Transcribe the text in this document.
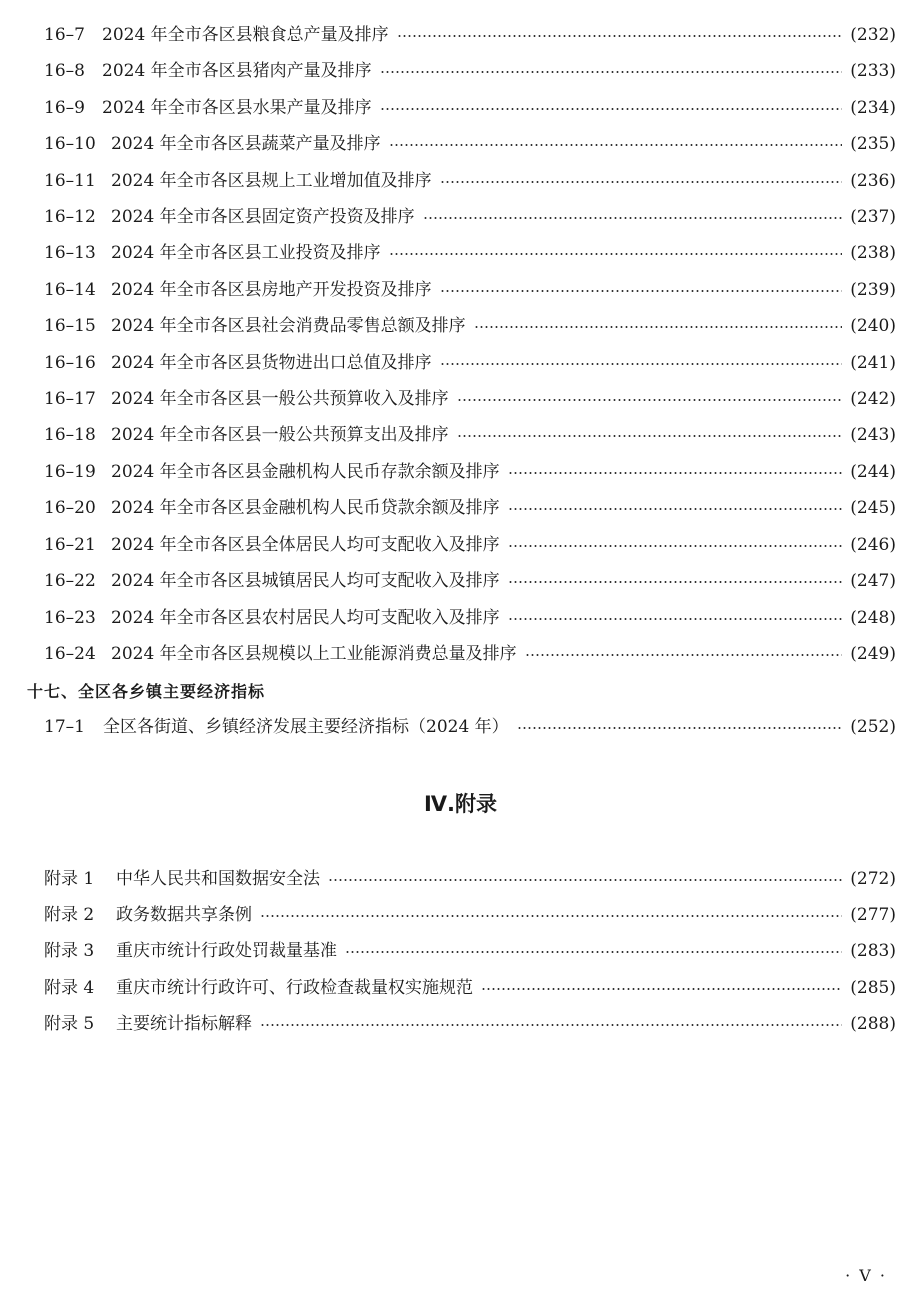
16–7	2024 年全市各区县粮食总产量及排序	(232)
16–8	2024 年全市各区县猪肉产量及排序	(233)
16–9	2024 年全市各区县水果产量及排序	(234)
16–10 2024 年全市各区县蔬菜产量及排序	(235)
16–11 2024 年全市各区县规上工业增加值及排序	(236)
16–12 2024 年全市各区县固定资产投资及排序	(237)
16–13 2024 年全市各区县工业投资及排序	(238)
16–14 2024 年全市各区县房地产开发投资及排序	(239)
16–15 2024 年全市各区县社会消费品零售总额及排序	(240)
16–16 2024 年全市各区县货物进出口总值及排序	(241)
16–17 2024 年全市各区县一般公共预算收入及排序	(242)
16–18 2024 年全市各区县一般公共预算支出及排序	(243)
16–19 2024 年全市各区县金融机构人民币存款余额及排序	(244)
16–20 2024 年全市各区县金融机构人民币贷款余额及排序	(245)
16–21 2024 年全市各区县全体居民人均可支配收入及排序	(246)
16–22 2024 年全市各区县城镇居民人均可支配收入及排序	(247)
16–23 2024 年全市各区县农村居民人均可支配收入及排序	(248)
16–24 2024 年全市各区县规模以上工业能源消费总量及排序	(249)
十七、全区各乡镇主要经济指标
17–1	全区各街道、乡镇经济发展主要经济指标（2024 年）	(252)
Ⅳ.附录
附录 1	中华人民共和国数据安全法	(272)
附录 2	政务数据共享条例	(277)
附录 3	重庆市统计行政处罚裁量基准	(283)
附录 4	重庆市统计行政许可、行政检查裁量权实施规范	(285)
附录 5	主要统计指标解释	(288)
· V ·
